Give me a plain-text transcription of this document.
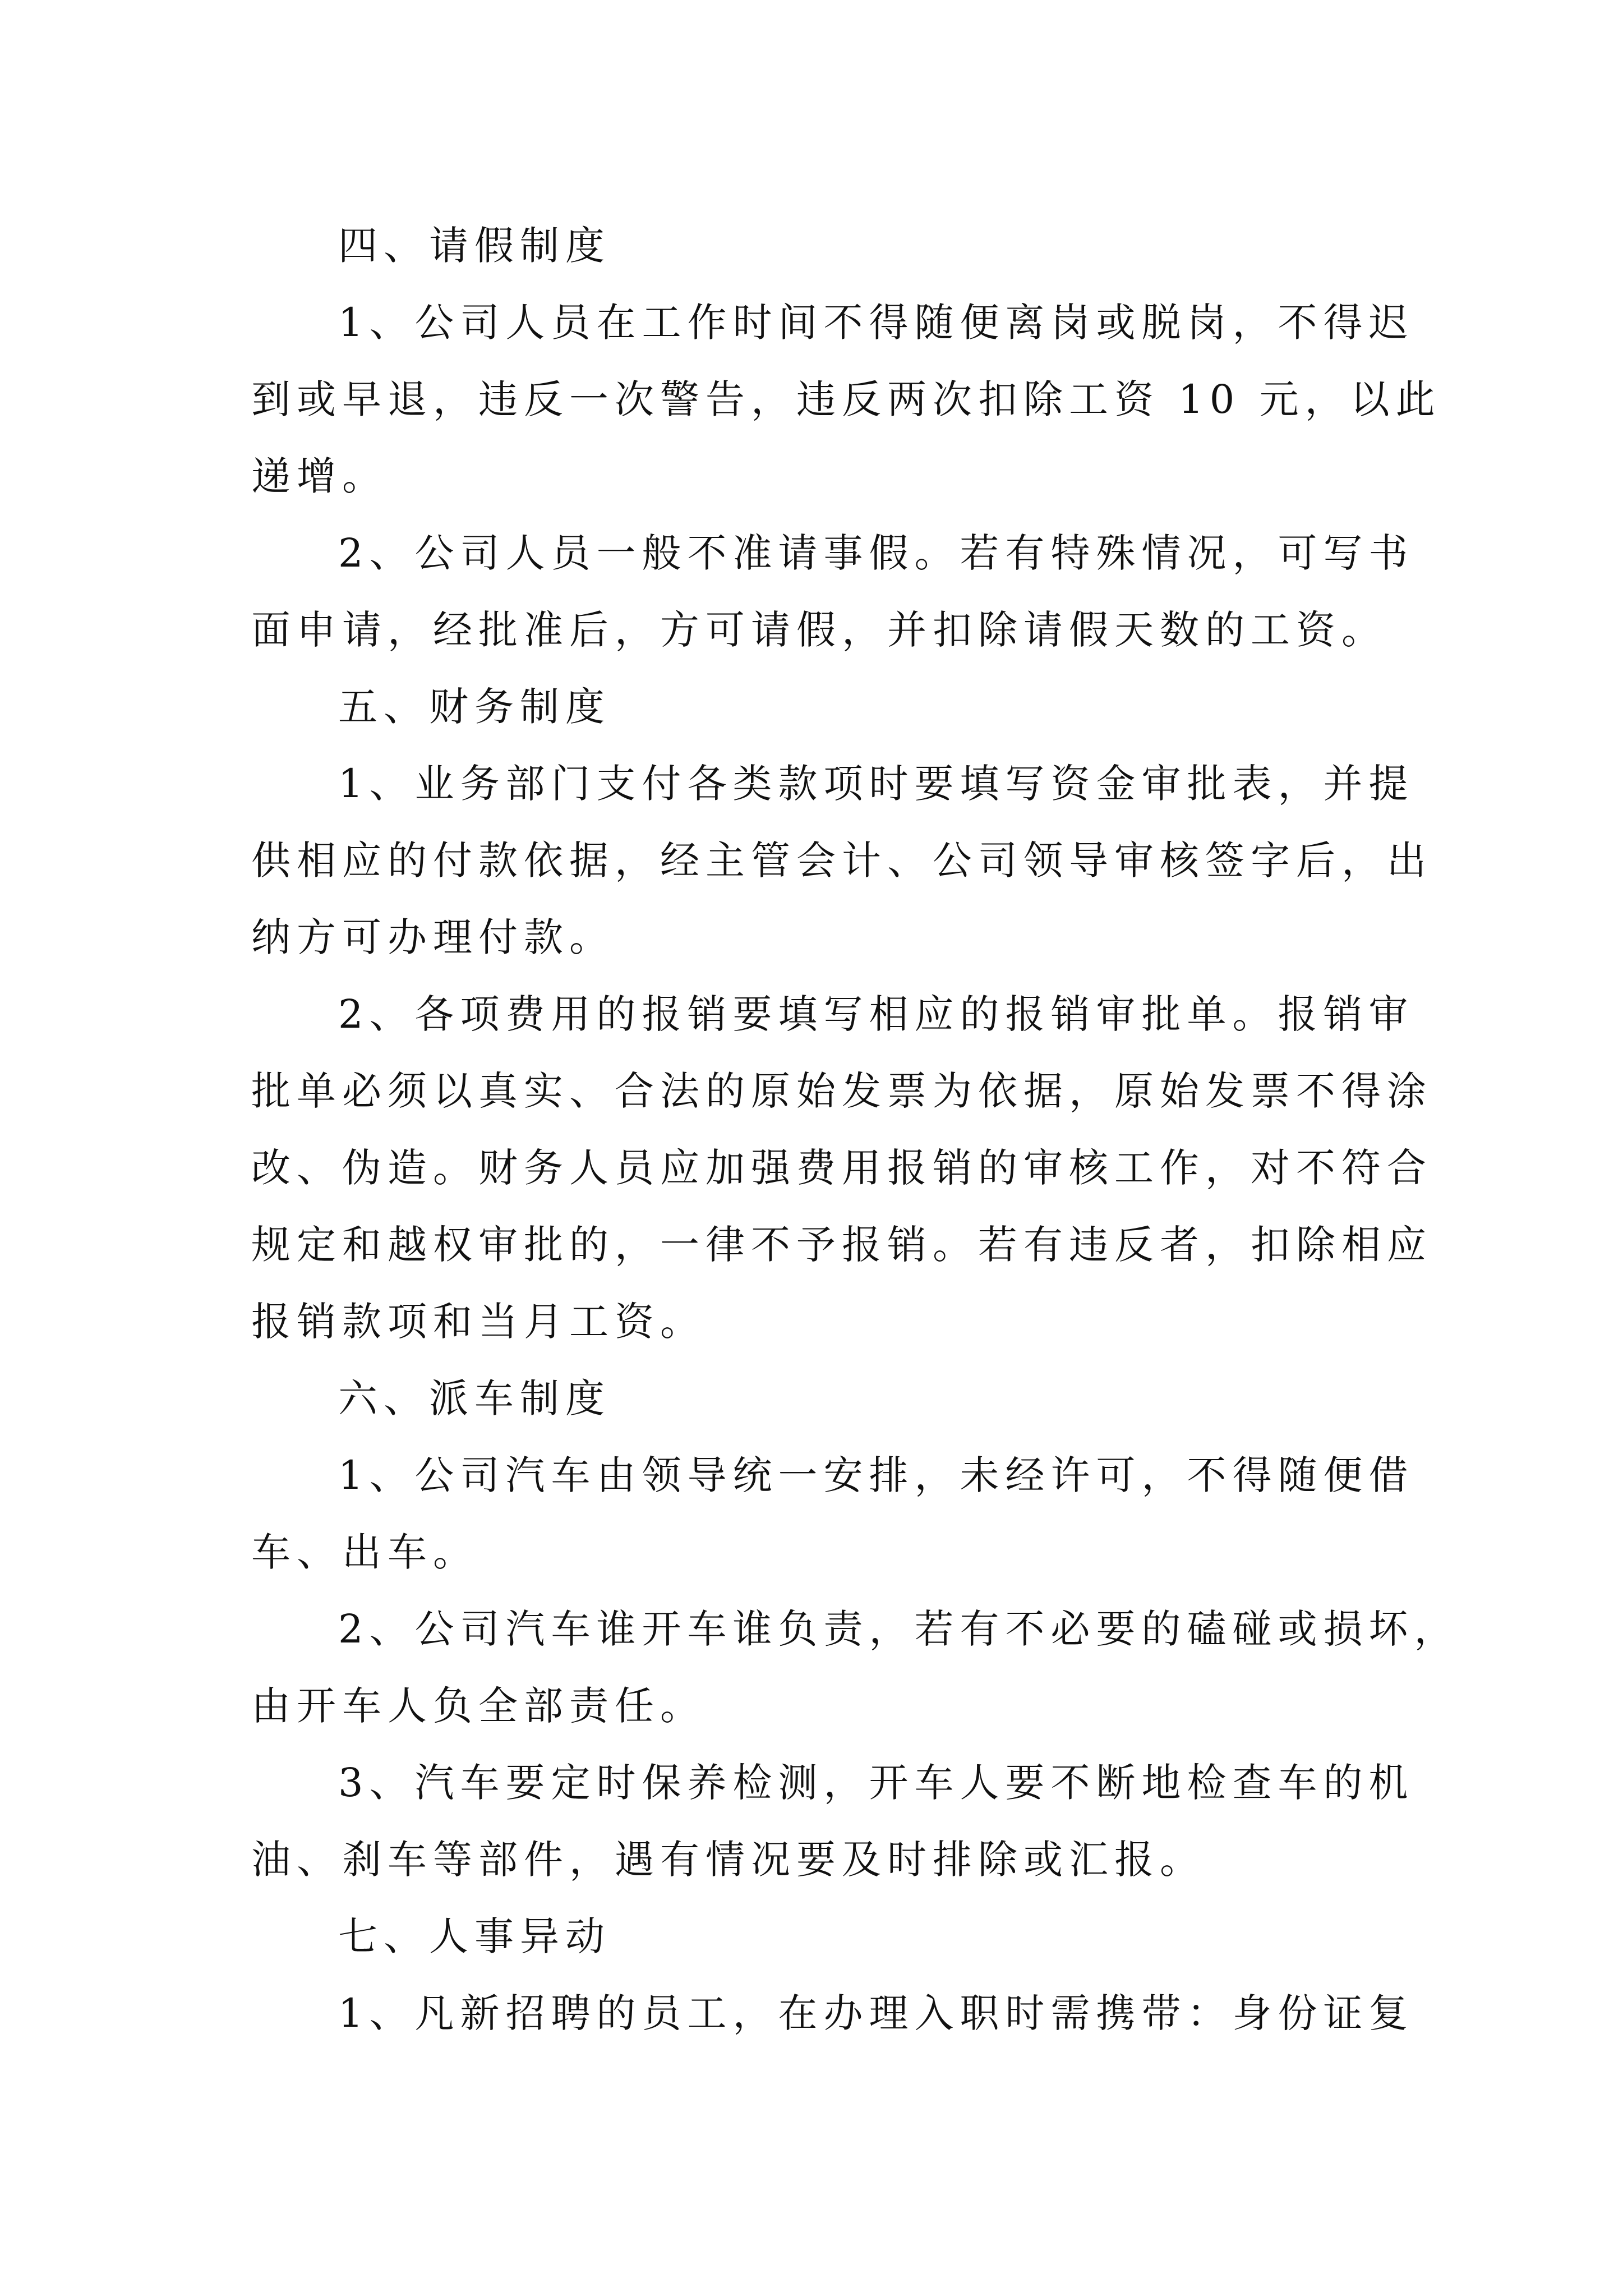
四、请假制度
1、公司人员在工作时间不得随便离岗或脱岗，不得迟
到或早退，违反一次警告，违反两次扣除工资 10 元，以此
递增。
2、公司人员一般不准请事假。若有特殊情况，可写书
面申请，经批准后，方可请假，并扣除请假天数的工资。
五、财务制度
1、业务部门支付各类款项时要填写资金审批表，并提
供相应的付款依据，经主管会计、公司领导审核签字后，出
纳方可办理付款。
2、各项费用的报销要填写相应的报销审批单。报销审
批单必须以真实、合法的原始发票为依据，原始发票不得涂
改、伪造。财务人员应加强费用报销的审核工作，对不符合
规定和越权审批的，一律不予报销。若有违反者，扣除相应
报销款项和当月工资。
六、派车制度
1、公司汽车由领导统一安排，未经许可，不得随便借
车、出车。
2、公司汽车谁开车谁负责，若有不必要的磕碰或损坏，
由开车人负全部责任。
3、汽车要定时保养检测，开车人要不断地检查车的机
油、刹车等部件，遇有情况要及时排除或汇报。
七、人事异动
1、凡新招聘的员工，在办理入职时需携带：身份证复
